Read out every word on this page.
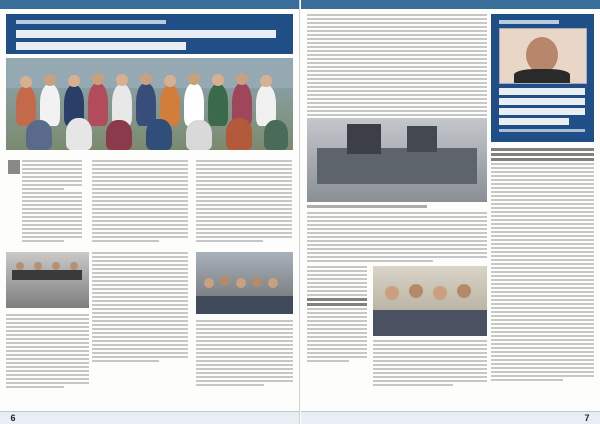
6	7
